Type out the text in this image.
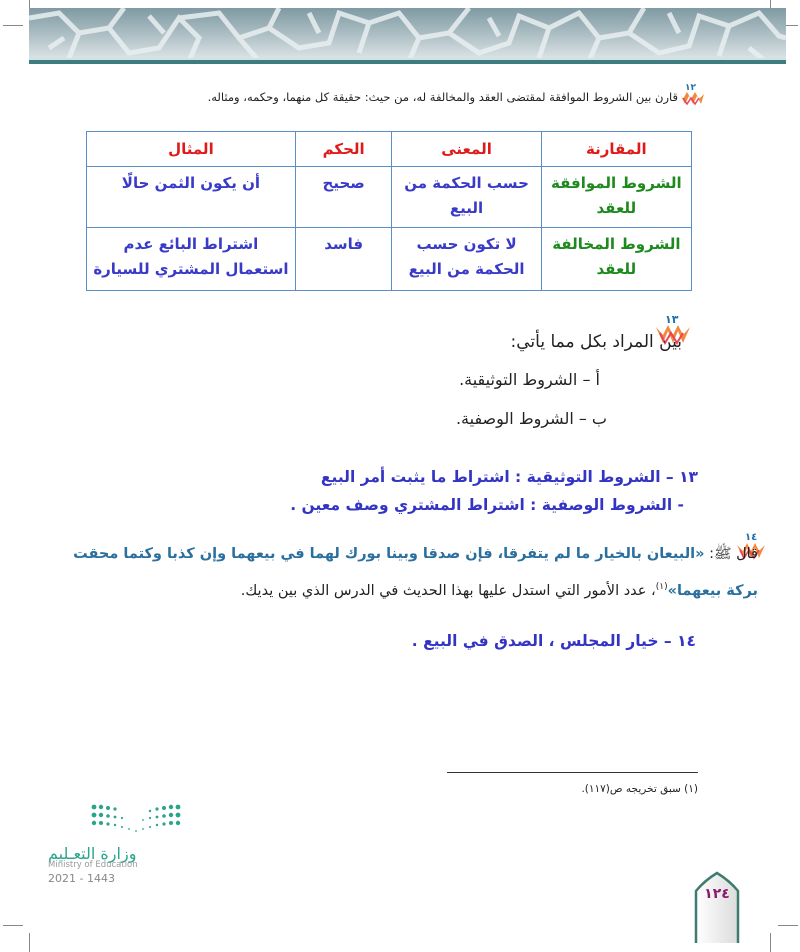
١٢
قارن بين الشروط الموافقة لمقتضى العقد والمخالفة له، من حيث: حقيقة كل منهما، وحكمه، ومثاله.
المقارنة	المعنى	الحكم	المثال
الشروط الموافقة للعقد	حسب الحكمة من البيع	صحيح	أن يكون الثمن حالًا
الشروط المخالفة للعقد	لا تكون حسب الحكمة من البيع	فاسد	اشتراط البائع عدم استعمال المشتري للسيارة
١٣
بين المراد بكل مما يأتي:
أ – الشروط التوثيقية.
ب – الشروط الوصفية.
١٣ – الشروط التوثيقية : اشتراط ما يثبت أمر البيع
- الشروط الوصفية : اشتراط المشتري وصف معين .
١٤
قال ﷺ: «البيعان بالخيار ما لم يتفرقا، فإن صدقا وبينا بورك لهما في بيعهما وإن كذبا وكتما محقت
بركة بيعهما»$^{(١)}$، عدد الأمور التي استدل عليها بهذا الحديث في الدرس الذي بين يديك.
١٤ – خيار المجلس ، الصدق في البيع .
(١) سبق تخريجه ص(١١٧).
وزارة التعـليم
Ministry of Education
2021 - 1443
١٢٤
